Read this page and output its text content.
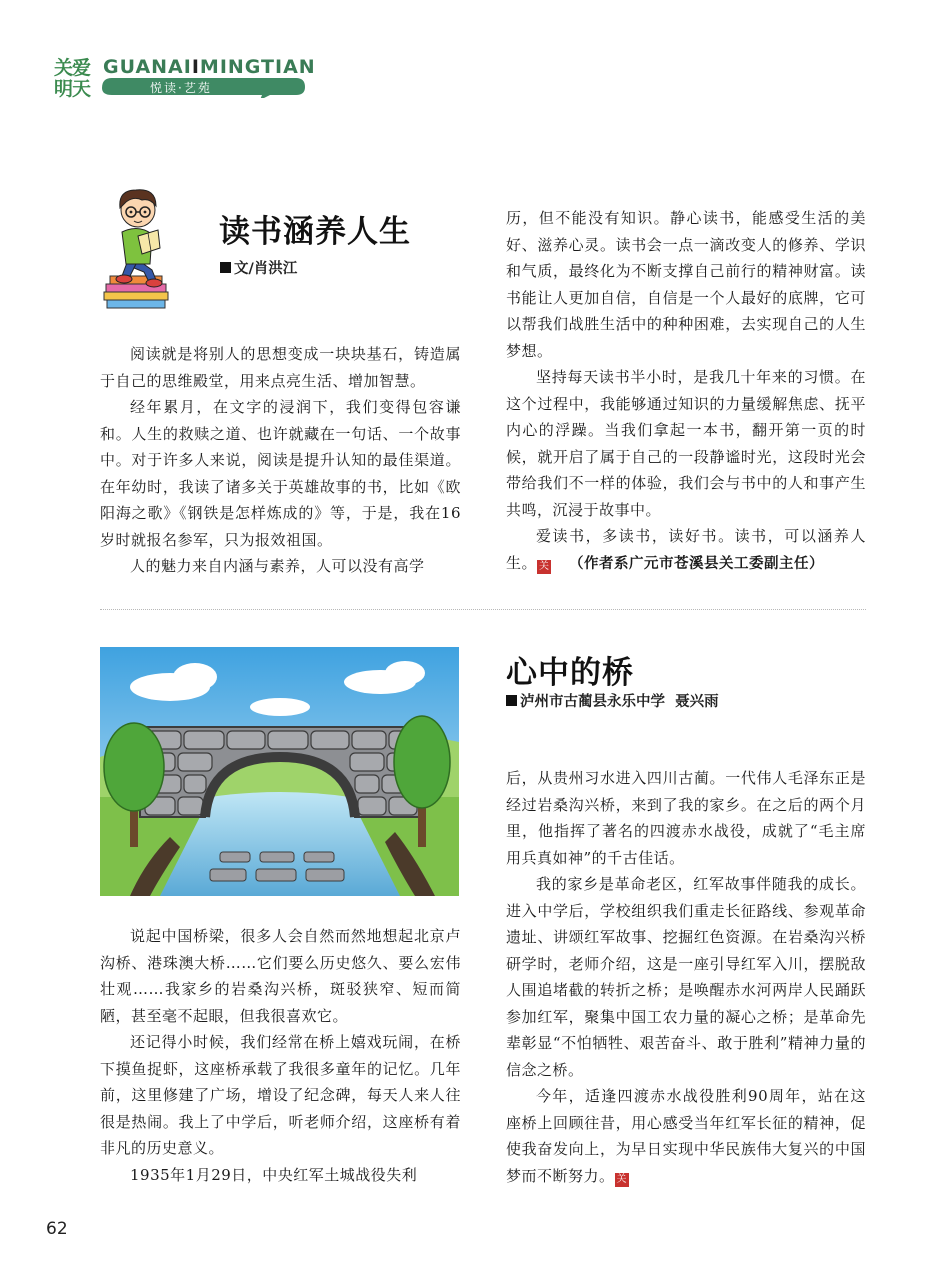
关爱
明天
GUANAIIMINGTIAN
悦读·艺苑
读书涵养人生
文/肖洪江

阅读就是将别人的思想变成一块块基石，铸造属于自己的思维殿堂，用来点亮生活、增加智慧。

经年累月，在文字的浸润下，我们变得包容谦和。人生的救赎之道、也许就藏在一句话、一个故事中。对于许多人来说，阅读是提升认知的最佳渠道。在年幼时，我读了诸多关于英雄故事的书，比如《欧阳海之歌》《钢铁是怎样炼成的》等，于是，我在16岁时就报名参军，只为报效祖国。

人的魅力来自内涵与素养，人可以没有高学

历，但不能没有知识。静心读书，能感受生活的美好、滋养心灵。读书会一点一滴改变人的修养、学识和气质，最终化为不断支撑自己前行的精神财富。读书能让人更加自信，自信是一个人最好的底牌，它可以帮我们战胜生活中的种种困难，去实现自己的人生梦想。

坚持每天读书半小时，是我几十年来的习惯。在这个过程中，我能够通过知识的力量缓解焦虑、抚平内心的浮躁。当我们拿起一本书，翻开第一页的时候，就开启了属于自己的一段静谧时光，这段时光会带给我们不一样的体验，我们会与书中的人和事产生共鸣，沉浸于故事中。

爱读书，多读书，读好书。读书，可以涵养人生。 关 （作者系广元市苍溪县关工委副主任）

心中的桥
泸州市古蔺县永乐中学  聂兴雨

说起中国桥梁，很多人会自然而然地想起北京卢沟桥、港珠澳大桥……它们要么历史悠久、要么宏伟壮观……我家乡的岩桑沟兴桥，斑驳狭窄、短而简陋，甚至毫不起眼，但我很喜欢它。

还记得小时候，我们经常在桥上嬉戏玩闹，在桥下摸鱼捉虾，这座桥承载了我很多童年的记忆。几年前，这里修建了广场，增设了纪念碑，每天人来人往很是热闹。我上了中学后，听老师介绍，这座桥有着非凡的历史意义。

1935年1月29日，中央红军土城战役失利

后，从贵州习水进入四川古蔺。一代伟人毛泽东正是经过岩桑沟兴桥，来到了我的家乡。在之后的两个月里，他指挥了著名的四渡赤水战役，成就了“毛主席用兵真如神”的千古佳话。

我的家乡是革命老区，红军故事伴随我的成长。进入中学后，学校组织我们重走长征路线、参观革命遗址、讲颂红军故事、挖掘红色资源。在岩桑沟兴桥研学时，老师介绍，这是一座引导红军入川，摆脱敌人围追堵截的转折之桥；是唤醒赤水河两岸人民踊跃参加红军，聚集中国工农力量的凝心之桥；是革命先辈彰显“不怕牺牲、艰苦奋斗、敢于胜利”精神力量的信念之桥。

今年，适逢四渡赤水战役胜利90周年，站在这座桥上回顾往昔，用心感受当年红军长征的精神，促使我奋发向上，为早日实现中华民族伟大复兴的中国梦而不断努力。 关

62
